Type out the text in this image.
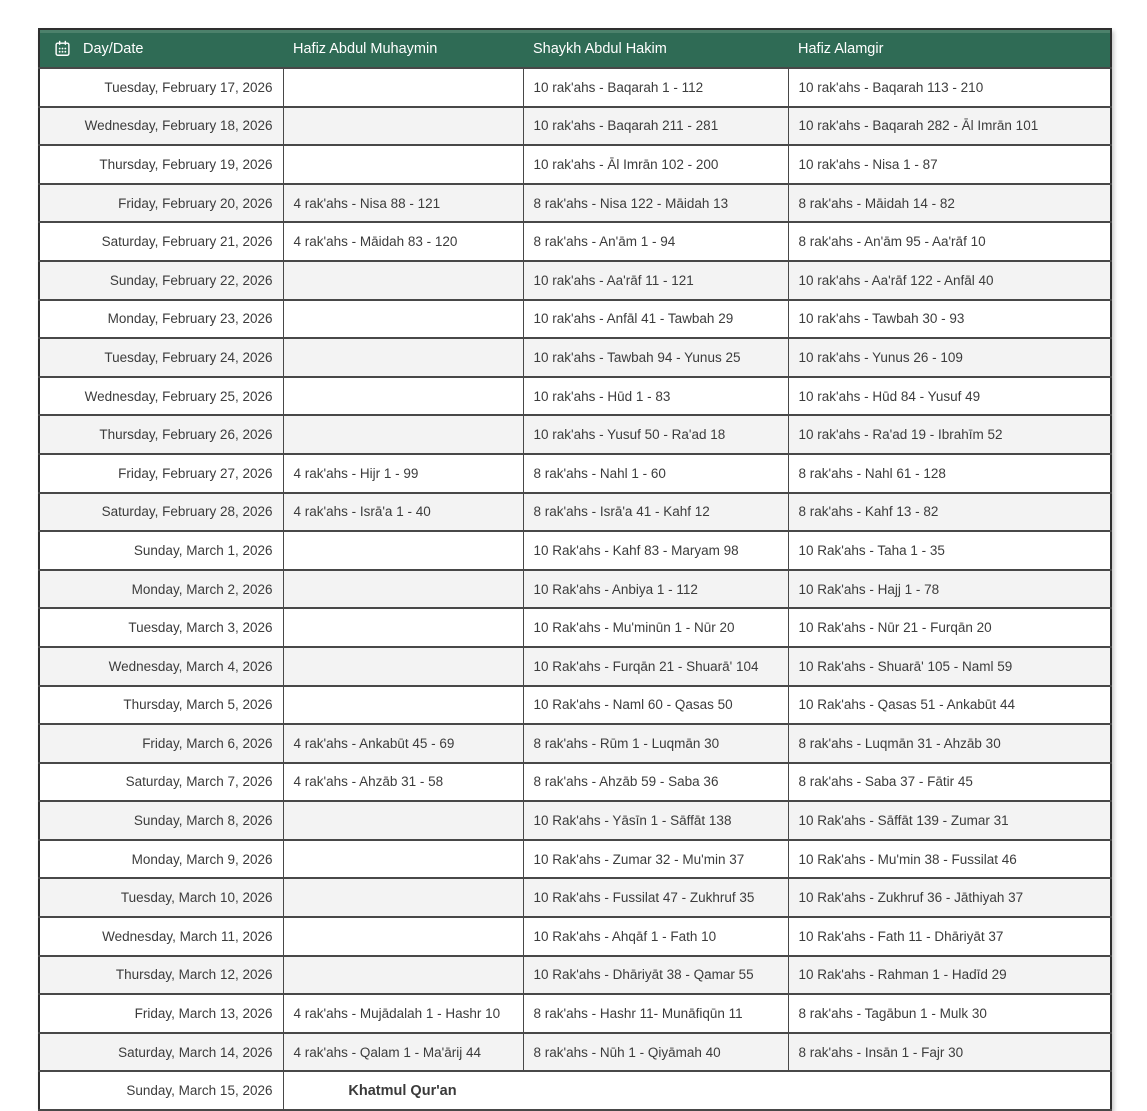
Day/Date	Hafiz Abdul Muhaymin	Shaykh Abdul Hakim	Hafiz Alamgir
Tuesday, February 17, 2026		10 rak'ahs - Baqarah 1 - 112	10 rak'ahs - Baqarah 113 - 210
Wednesday, February 18, 2026		10 rak'ahs - Baqarah 211 - 281	10 rak'ahs - Baqarah 282 - Āl Imrān 101
Thursday, February 19, 2026		10 rak'ahs - Āl Imrān 102 - 200	10 rak'ahs - Nisa 1 - 87
Friday, February 20, 2026	4 rak'ahs - Nisa 88 - 121	8 rak'ahs - Nisa 122 - Māidah 13	8 rak'ahs - Māidah 14 - 82
Saturday, February 21, 2026	4 rak'ahs - Māidah 83 - 120	8 rak'ahs - An'ām 1 - 94	8 rak'ahs - An'ām 95 - Aa'rāf 10
Sunday, February 22, 2026		10 rak'ahs - Aa'rāf 11 - 121	10 rak'ahs - Aa'rāf 122 - Anfāl 40
Monday, February 23, 2026		10 rak'ahs - Anfāl 41 - Tawbah 29	10 rak'ahs - Tawbah 30 - 93
Tuesday, February 24, 2026		10 rak'ahs - Tawbah 94 - Yunus 25	10 rak'ahs - Yunus 26 - 109
Wednesday, February 25, 2026		10 rak'ahs - Hūd 1 - 83	10 rak'ahs - Hūd 84 - Yusuf 49
Thursday, February 26, 2026		10 rak'ahs - Yusuf 50 - Ra'ad 18	10 rak'ahs - Ra'ad 19 - Ibrahīm 52
Friday, February 27, 2026	4 rak'ahs - Hijr 1 - 99	8 rak'ahs - Nahl 1 - 60	8 rak'ahs - Nahl 61 - 128
Saturday, February 28, 2026	4 rak'ahs - Isrā'a 1 - 40	8 rak'ahs - Isrā'a 41 - Kahf 12	8 rak'ahs - Kahf 13 - 82
Sunday, March 1, 2026		10 Rak'ahs - Kahf 83 - Maryam 98	10 Rak'ahs - Taha 1 - 35
Monday, March 2, 2026		10 Rak'ahs - Anbiya 1 - 112	10 Rak'ahs - Hajj 1 - 78
Tuesday, March 3, 2026		10 Rak'ahs - Mu'minūn 1 - Nūr 20	10 Rak'ahs - Nūr 21 - Furqān 20
Wednesday, March 4, 2026		10 Rak'ahs - Furqān 21 - Shuarā' 104	10 Rak'ahs - Shuarā' 105 - Naml 59
Thursday, March 5, 2026		10 Rak'ahs - Naml 60 - Qasas 50	10 Rak'ahs - Qasas 51 - Ankabūt 44
Friday, March 6, 2026	4 rak'ahs - Ankabūt 45 - 69	8 rak'ahs - Rūm 1 - Luqmān 30	8 rak'ahs - Luqmān 31 - Ahzāb 30
Saturday, March 7, 2026	4 rak'ahs - Ahzāb 31 - 58	8 rak'ahs - Ahzāb 59 - Saba 36	8 rak'ahs - Saba 37 - Fātir 45
Sunday, March 8, 2026		10 Rak'ahs - Yāsīn 1 - Sāffāt 138	10 Rak'ahs - Sāffāt 139 - Zumar 31
Monday, March 9, 2026		10 Rak'ahs - Zumar 32 - Mu'min 37	10 Rak'ahs - Mu'min 38 - Fussilat 46
Tuesday, March 10, 2026		10 Rak'ahs - Fussilat 47 - Zukhruf 35	10 Rak'ahs - Zukhruf 36 - Jāthiyah 37
Wednesday, March 11, 2026		10 Rak'ahs - Ahqāf 1 - Fath 10	10 Rak'ahs - Fath 11 - Dhāriyāt 37
Thursday, March 12, 2026		10 Rak'ahs - Dhāriyāt 38 - Qamar 55	10 Rak'ahs - Rahman 1 - Hadīd 29
Friday, March 13, 2026	4 rak'ahs - Mujādalah 1 - Hashr 10	8 rak'ahs - Hashr 11- Munāfiqūn 11	8 rak'ahs - Tagābun 1 - Mulk 30
Saturday, March 14, 2026	4 rak'ahs - Qalam 1 - Ma'ārij 44	8 rak'ahs - Nūh 1 - Qiyāmah 40	8 rak'ahs - Insān 1 - Fajr 30
Sunday, March 15, 2026	Khatmul Qur'an		
